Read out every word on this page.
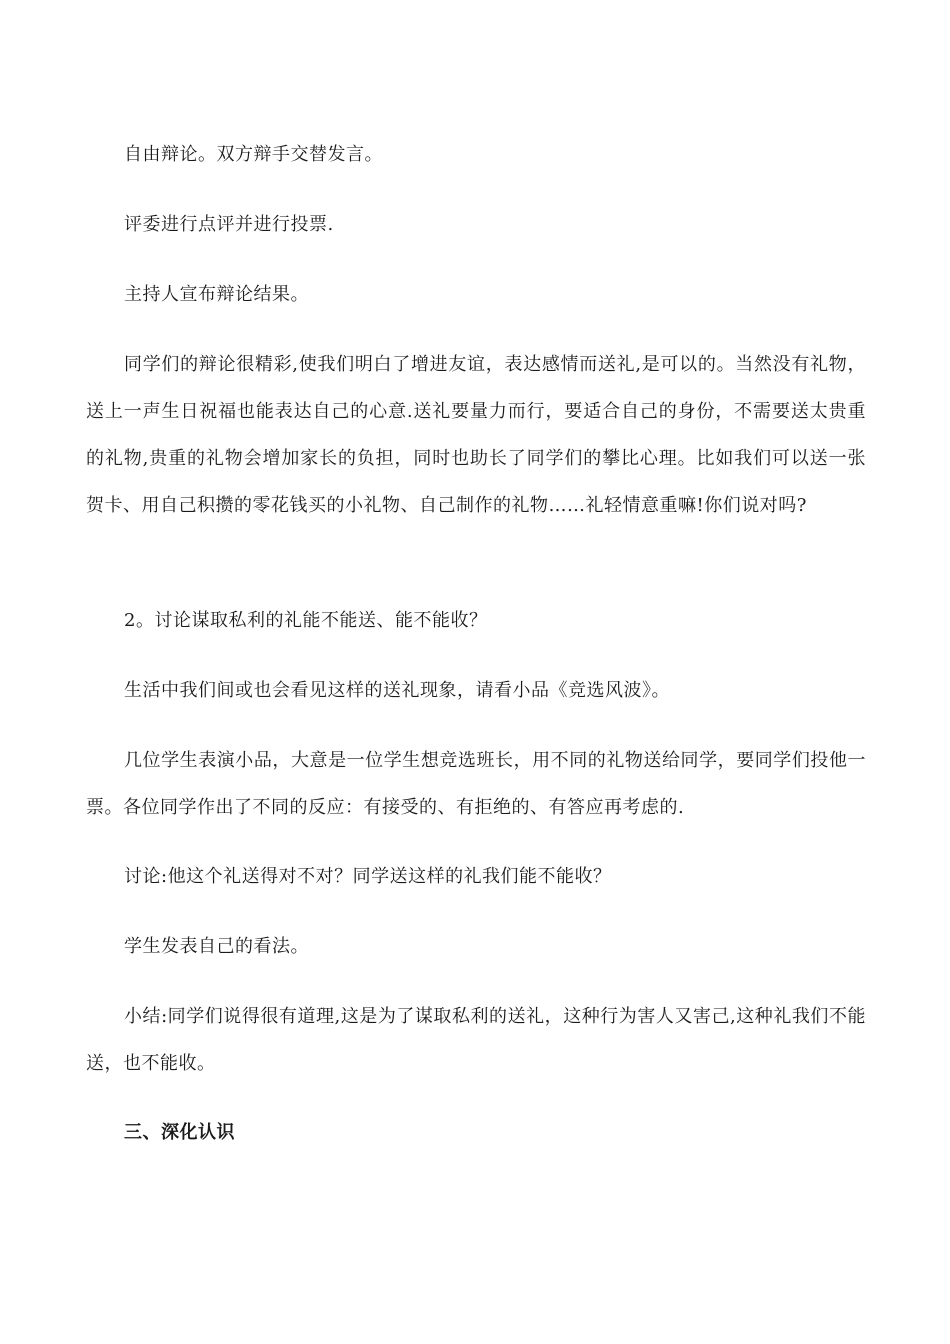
自由辩论。双方辩手交替发言。

评委进行点评并进行投票.

主持人宣布辩论结果。

同学们的辩论很精彩,使我们明白了增进友谊，表达感情而送礼,是可以的。当然没有礼物，送上一声生日祝福也能表达自己的心意.送礼要量力而行，要适合自己的身份，不需要送太贵重的礼物,贵重的礼物会增加家长的负担，同时也助长了同学们的攀比心理。比如我们可以送一张贺卡、用自己积攒的零花钱买的小礼物、自己制作的礼物……礼轻情意重嘛!你们说对吗?

2。讨论谋取私利的礼能不能送、能不能收？

生活中我们间或也会看见这样的送礼现象，请看小品《竞选风波》。

几位学生表演小品，大意是一位学生想竞选班长，用不同的礼物送给同学，要同学们投他一票。各位同学作出了不同的反应：有接受的、有拒绝的、有答应再考虑的.

讨论:他这个礼送得对不对？同学送这样的礼我们能不能收？

学生发表自己的看法。

小结:同学们说得很有道理,这是为了谋取私利的送礼，这种行为害人又害己,这种礼我们不能送，也不能收。

三、深化认识
